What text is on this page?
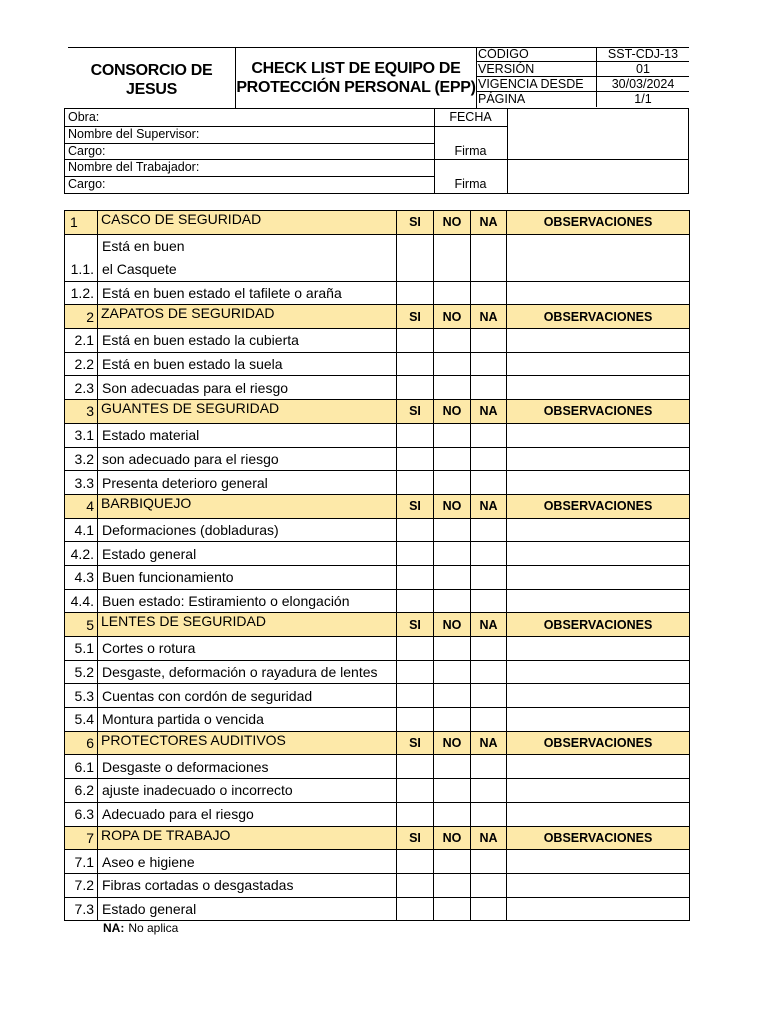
CONSORCIO DE
JESUS
CHECK LIST DE EQUIPO DE
PROTECCIÓN PERSONAL (EPP)
CÓDIGO	SST-CDJ-13
VERSIÓN	01
VIGENCIA DESDE	30/03/2024
PÁGINA	1/1
Obra:	FECHA
Nombre del Supervisor:
Cargo:	Firma
Nombre del Trabajador:
Cargo:	Firma
1	CASCO DE SEGURIDAD	SI	NO	NA	OBSERVACIONES
1.1.	Está en buen
el Casquete				

1.2.	Está en buen estado el tafilete o araña				
2	ZAPATOS DE SEGURIDAD	SI	NO	NA	OBSERVACIONES
2.1	Está en buen estado la cubierta				
2.2	Está en buen estado la suela				
2.3	Son adecuadas para el riesgo				
3	GUANTES DE SEGURIDAD	SI	NO	NA	OBSERVACIONES
3.1	Estado material				
3.2	son adecuado para el riesgo				
3.3	Presenta deterioro general				
4	BARBIQUEJO	SI	NO	NA	OBSERVACIONES
4.1	Deformaciones (dobladuras)				
4.2.	Estado general				
4.3	Buen funcionamiento				
4.4.	Buen estado: Estiramiento o elongación				
5	LENTES DE SEGURIDAD	SI	NO	NA	OBSERVACIONES
5.1	Cortes o rotura				
5.2	Desgaste, deformación o rayadura de lentes				
5.3	Cuentas con cordón de seguridad				
5.4	Montura partida o vencida				
6	PROTECTORES AUDITIVOS	SI	NO	NA	OBSERVACIONES
6.1	Desgaste o deformaciones				
6.2	ajuste inadecuado o incorrecto				
6.3	Adecuado para el riesgo				
7	ROPA DE TRABAJO	SI	NO	NA	OBSERVACIONES
7.1	Aseo e higiene				
7.2	Fibras cortadas o desgastadas				
7.3	Estado general				
NA: No aplica
